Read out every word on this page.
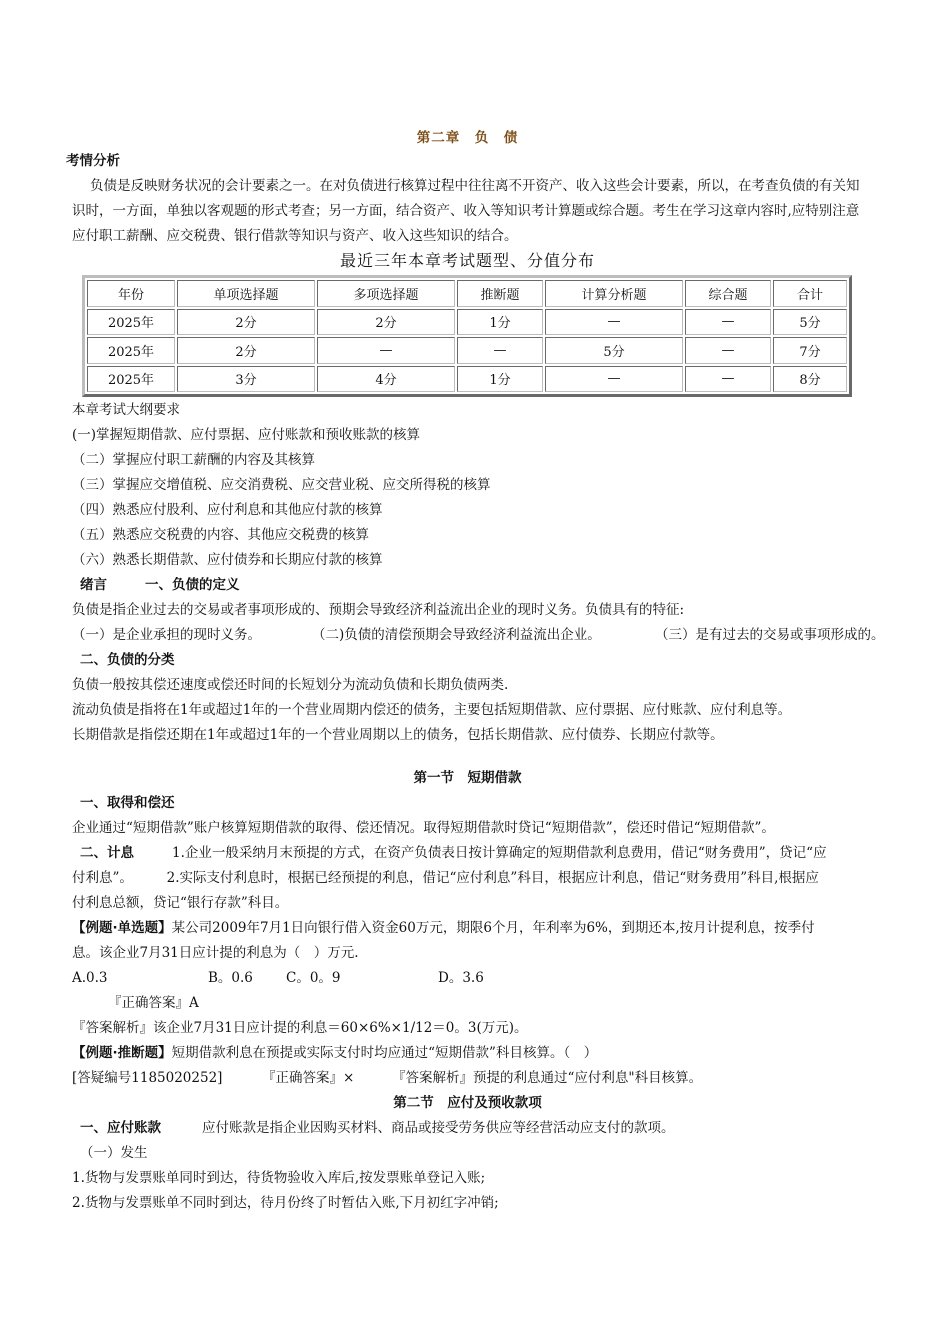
第二章　负　债
考情分析
负债是反映财务状况的会计要素之一。在对负债进行核算过程中往往离不开资产、收入这些会计要素，所以，在考查负债的有关知
识时，一方面，单独以客观题的形式考查；另一方面，结合资产、收入等知识考计算题或综合题。考生在学习这章内容时,应特别注意
应付职工薪酬、应交税费、银行借款等知识与资产、收入这些知识的结合。
最近三年本章考试题型、分值分布
年份	单项选择题	多项选择题	推断题	计算分析题	综合题	合计
2025年	2分	2分	1分	—	—	5分
2025年	2分	—	—	5分	—	7分
2025年	3分	4分	1分	—	—	8分
本章考试大纲要求
(一)掌握短期借款、应付票据、应付账款和预收账款的核算
（二）掌握应付职工薪酬的内容及其核算
（三）掌握应交增值税、应交消费税、应交营业税、应交所得税的核算
（四）熟悉应付股利、应付利息和其他应付款的核算
（五）熟悉应交税费的内容、其他应交税费的核算
（六）熟悉长期借款、应付债券和长期应付款的核算
绪言	一、负债的定义
负债是指企业过去的交易或者事项形成的、预期会导致经济利益流出企业的现时义务。负债具有的特征:
（一）是企业承担的现时义务。	（二)负债的清偿预期会导致经济利益流出企业。	（三）是有过去的交易或事项形成的。
二、负债的分类
负债一般按其偿还速度或偿还时间的长短划分为流动负债和长期负债两类.
流动负债是指将在1年或超过1年的一个营业周期内偿还的债务，主要包括短期借款、应付票据、应付账款、应付利息等。
长期借款是指偿还期在1年或超过1年的一个营业周期以上的债务，包括长期借款、应付债券、长期应付款等。
第一节　短期借款
一、取得和偿还
企业通过“短期借款”账户核算短期借款的取得、偿还情况。取得短期借款时贷记“短期借款”，偿还时借记“短期借款”。
二、计息	1.企业一般采纳月末预提的方式，在资产负债表日按计算确定的短期借款利息费用，借记“财务费用”，贷记“应
付利息”。　　　2.实际支付利息时，根据已经预提的利息，借记“应付利息”科目，根据应计利息，借记“财务费用”科目,根据应
付利息总额，贷记“银行存款”科目。
【例题·单选题】某公司2009年7月1日向银行借入资金60万元，期限6个月，年利率为6%，到期还本,按月计提利息，按季付
息。该企业7月31日应计提的利息为（　）万元.
A.0.3	B。0.6 C。0。9	D。3.6
『正确答案』A
『答案解析』该企业7月31日应计提的利息＝60×6%×1/12＝0。3(万元)。
【例题·推断题】短期借款利息在预提或实际支付时均应通过“短期借款”科目核算。（　）
[答疑编号1185020252]	『正确答案』×	『答案解析』预提的利息通过“应付利息"科目核算。
第二节　应付及预收款项
一、应付账款	应付账款是指企业因购买材料、商品或接受劳务供应等经营活动应支付的款项。
（一）发生
1.货物与发票账单同时到达，待货物验收入库后,按发票账单登记入账;
2.货物与发票账单不同时到达，待月份终了时暂估入账,下月初红字冲销;
